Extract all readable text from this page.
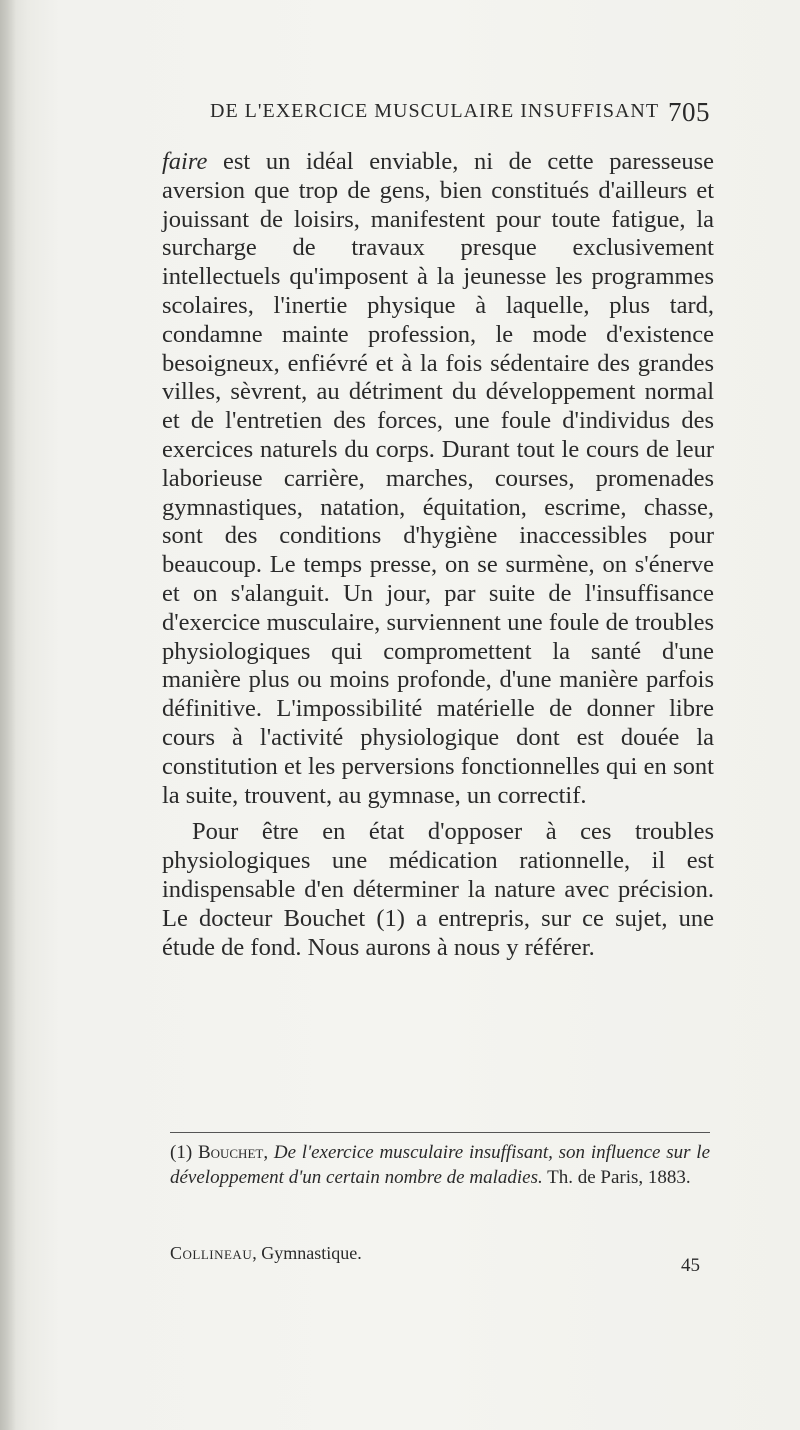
DE L'EXERCICE MUSCULAIRE INSUFFISANT 705

faire est un idéal enviable, ni de cette paresseuse aversion que trop de gens, bien constitués d'ailleurs et jouissant de loisirs, manifestent pour toute fatigue, la surcharge de travaux presque exclusivement intellectuels qu'imposent à la jeunesse les programmes scolaires, l'inertie physique à laquelle, plus tard, condamne mainte profession, le mode d'existence besoigneux, enfiévré et à la fois sédentaire des grandes villes, sèvrent, au détriment du développement normal et de l'entretien des forces, une foule d'individus des exercices naturels du corps. Durant tout le cours de leur laborieuse carrière, marches, courses, promenades gymnastiques, natation, équitation, escrime, chasse, sont des conditions d'hygiène inaccessibles pour beaucoup. Le temps presse, on se surmène, on s'énerve et on s'alanguit. Un jour, par suite de l'insuffisance d'exercice musculaire, surviennent une foule de troubles physiologiques qui compromettent la santé d'une manière plus ou moins profonde, d'une manière parfois définitive. L'impossibilité matérielle de donner libre cours à l'activité physiologique dont est douée la constitution et les perversions fonctionnelles qui en sont la suite, trouvent, au gymnase, un correctif.

Pour être en état d'opposer à ces troubles physiologiques une médication rationnelle, il est indispensable d'en déterminer la nature avec précision. Le docteur Bouchet (1) a entrepris, sur ce sujet, une étude de fond. Nous aurons à nous y référer.

(1) Bouchet, De l'exercice musculaire insuffisant, son influence sur le développement d'un certain nombre de maladies. Th. de Paris, 1883.
Collineau, Gymnastique.
45
